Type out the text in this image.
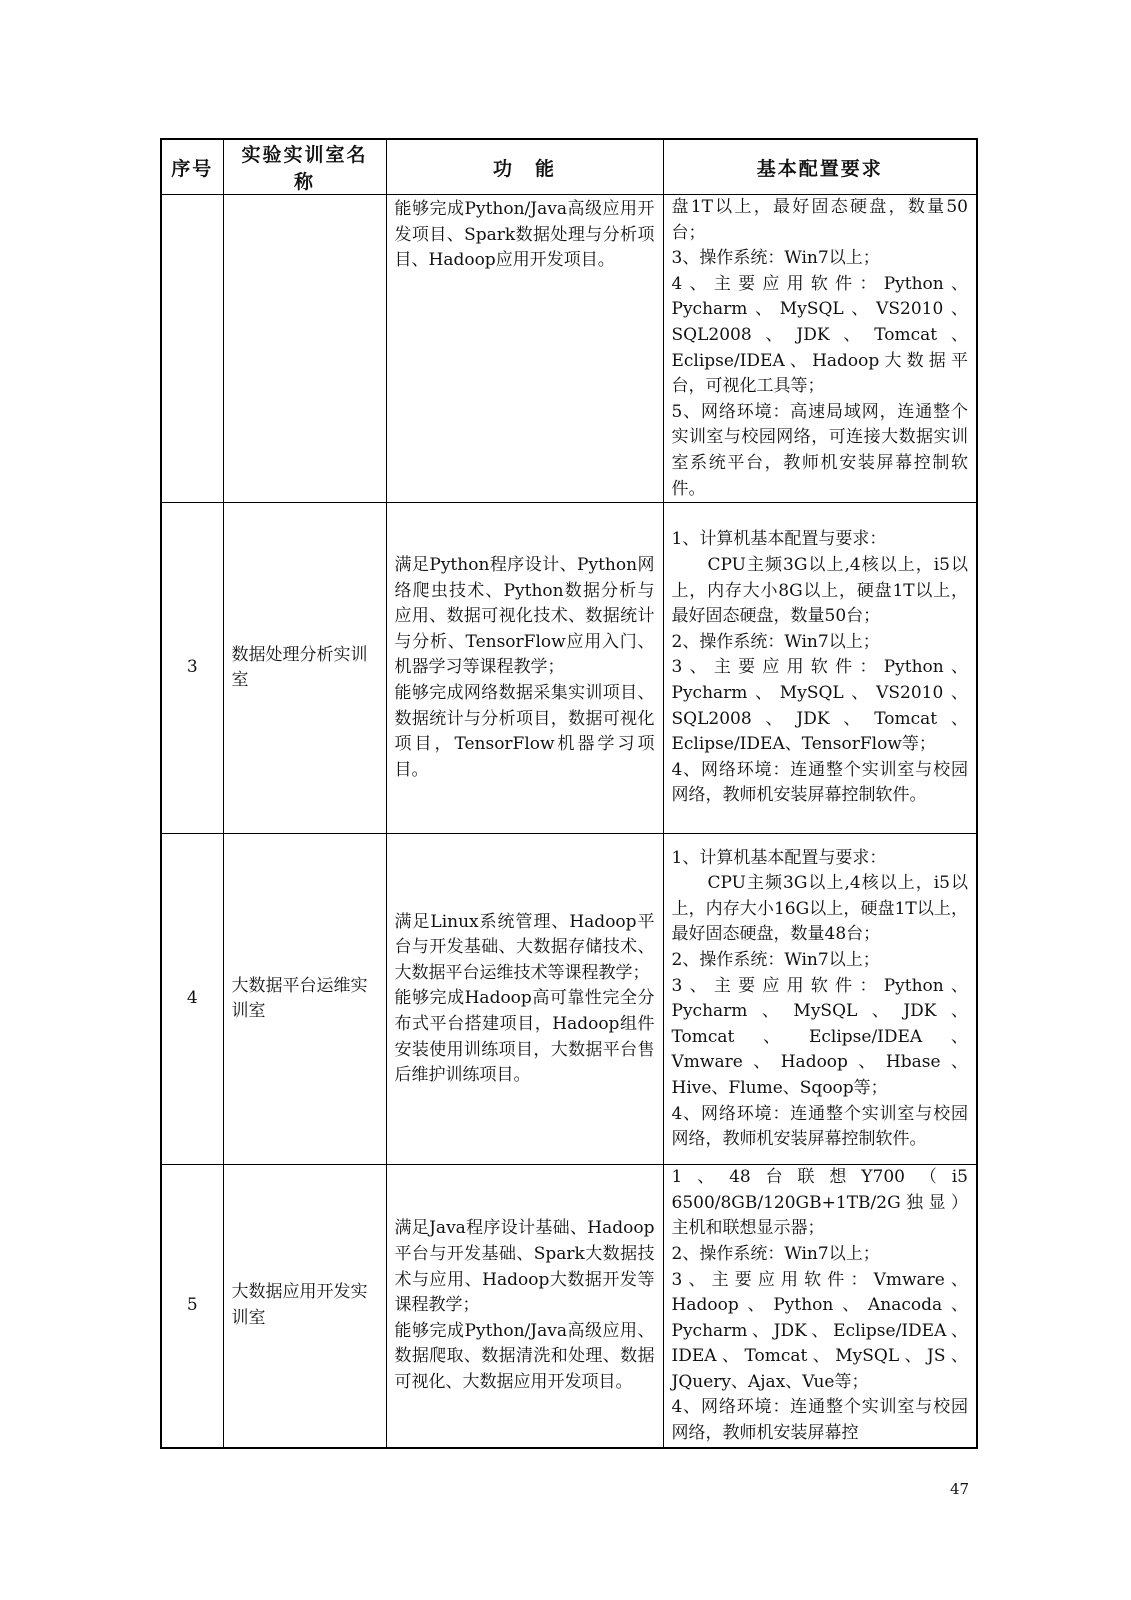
序号	实验实训室名称	功　能	基本配置要求

		能够完成Python/Java高级应用开发项目、Spark数据处理与分析项目、Hadoop应用开发项目。	盘1T以上，最好固态硬盘，数量50台；
3、操作系统：Win7以上；
4、主要应用软件：Python、Pycharm、MySQL、VS2010、SQL2008、JDK、Tomcat、Eclipse/IDEA、Hadoop大数据平台，可视化工具等；
5、网络环境：高速局域网，连通整个实训室与校园网络，可连接大数据实训室系统平台，教师机安装屏幕控制软件。

3	数据处理分析实训室	满足Python程序设计、Python网络爬虫技术、Python数据分析与应用、数据可视化技术、数据统计与分析、TensorFlow应用入门、机器学习等课程教学；
能够完成网络数据采集实训项目、数据统计与分析项目，数据可视化项目，TensorFlow机器学习项目。	1、计算机基本配置与要求：
　　CPU主频3G以上,4核以上，i5以上，内存大小8G以上，硬盘1T以上，最好固态硬盘，数量50台；
2、操作系统：Win7以上；
3、主要应用软件：Python、Pycharm、MySQL、VS2010、SQL2008、JDK、Tomcat、Eclipse/IDEA、TensorFlow等；
4、网络环境：连通整个实训室与校园网络，教师机安装屏幕控制软件。

4	大数据平台运维实训室	满足Linux系统管理、Hadoop平台与开发基础、大数据存储技术、大数据平台运维技术等课程教学；
能够完成Hadoop高可靠性完全分布式平台搭建项目，Hadoop组件安装使用训练项目，大数据平台售后维护训练项目。	1、计算机基本配置与要求：
　　CPU主频3G以上,4核以上，i5以上，内存大小16G以上，硬盘1T以上，最好固态硬盘，数量48台；
2、操作系统：Win7以上；
3、主要应用软件：Python、Pycharm、MySQL、JDK、Tomcat、Eclipse/IDEA、Vmware、Hadoop、Hbase、Hive、Flume、Sqoop等；
4、网络环境：连通整个实训室与校园网络，教师机安装屏幕控制软件。

5	大数据应用开发实训室	满足Java程序设计基础、Hadoop平台与开发基础、Spark大数据技术与应用、Hadoop大数据开发等课程教学；
能够完成Python/Java高级应用、数据爬取、数据清洗和处理、数据可视化、大数据应用开发项目。	1、48台联想Y700（i5 6500/8GB/120GB+1TB/2G独显）主机和联想显示器；
2、操作系统：Win7以上；
3、主要应用软件：Vmware、Hadoop、Python、Anacoda、Pycharm、JDK、Eclipse/IDEA、IDEA、Tomcat、MySQL、JS、JQuery、Ajax、Vue等；
4、网络环境：连通整个实训室与校园网络，教师机安装屏幕控
47
